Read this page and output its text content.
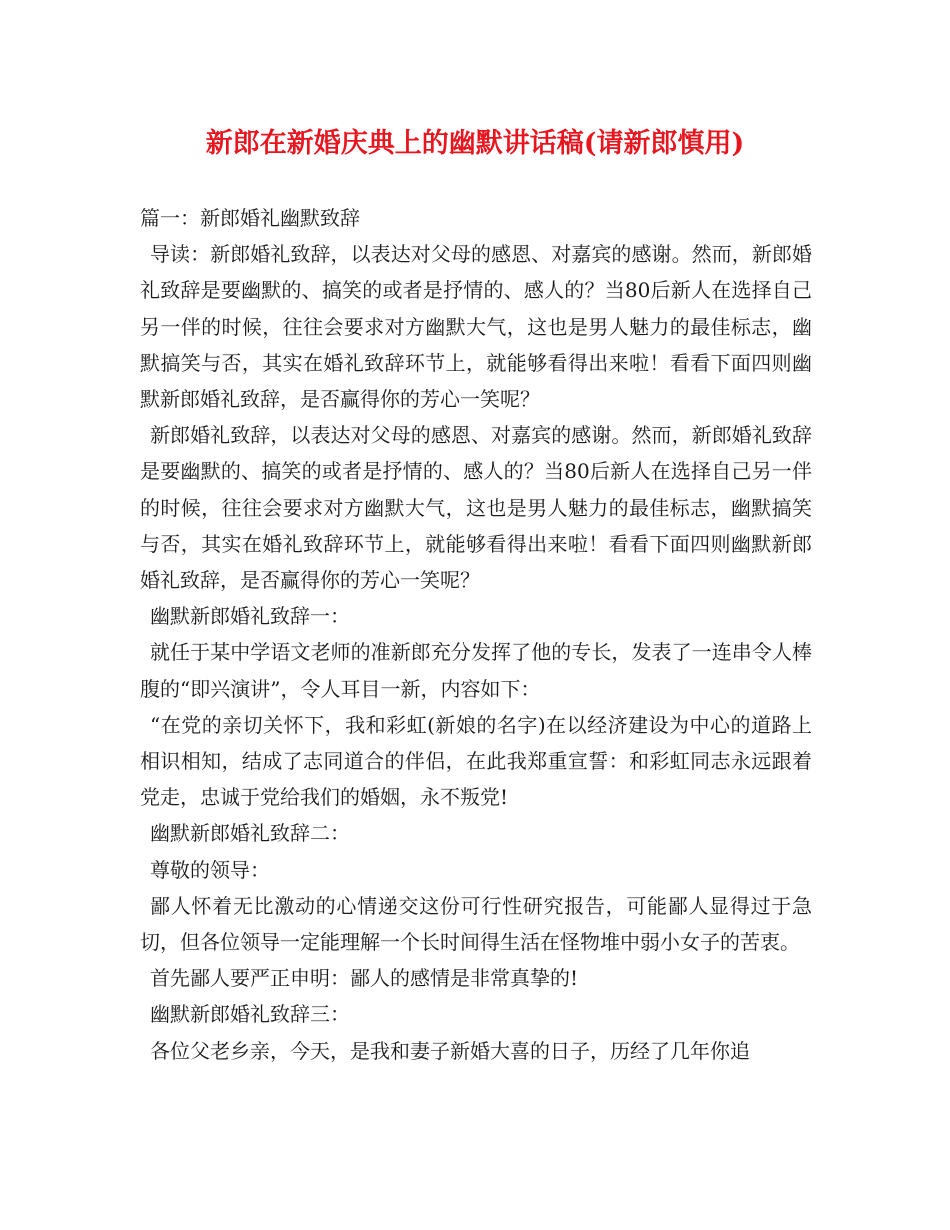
新郎在新婚庆典上的幽默讲话稿(请新郎慎用)

篇一：新郎婚礼幽默致辞

导读：新郎婚礼致辞，以表达对父母的感恩、对嘉宾的感谢。然而，新郎婚礼致辞是要幽默的、搞笑的或者是抒情的、感人的？当80后新人在选择自己另一伴的时候，往往会要求对方幽默大气，这也是男人魅力的最佳标志，幽默搞笑与否，其实在婚礼致辞环节上，就能够看得出来啦！看看下面四则幽默新郎婚礼致辞，是否赢得你的芳心一笑呢？

新郎婚礼致辞，以表达对父母的感恩、对嘉宾的感谢。然而，新郎婚礼致辞是要幽默的、搞笑的或者是抒情的、感人的？当80后新人在选择自己另一伴的时候，往往会要求对方幽默大气，这也是男人魅力的最佳标志，幽默搞笑与否，其实在婚礼致辞环节上，就能够看得出来啦！看看下面四则幽默新郎婚礼致辞，是否赢得你的芳心一笑呢？

幽默新郎婚礼致辞一：

就任于某中学语文老师的准新郎充分发挥了他的专长，发表了一连串令人棒腹的“即兴演讲”，令人耳目一新，内容如下：

“在党的亲切关怀下，我和彩虹(新娘的名字)在以经济建设为中心的道路上相识相知，结成了志同道合的伴侣，在此我郑重宣誓：和彩虹同志永远跟着党走，忠诚于党给我们的婚姻，永不叛党!

幽默新郎婚礼致辞二：

尊敬的领导：

鄙人怀着无比激动的心情递交这份可行性研究报告，可能鄙人显得过于急切，但各位领导一定能理解一个长时间得生活在怪物堆中弱小女子的苦衷。

首先鄙人要严正申明：鄙人的感情是非常真挚的!

幽默新郎婚礼致辞三：

各位父老乡亲，今天，是我和妻子新婚大喜的日子，历经了几年你追
